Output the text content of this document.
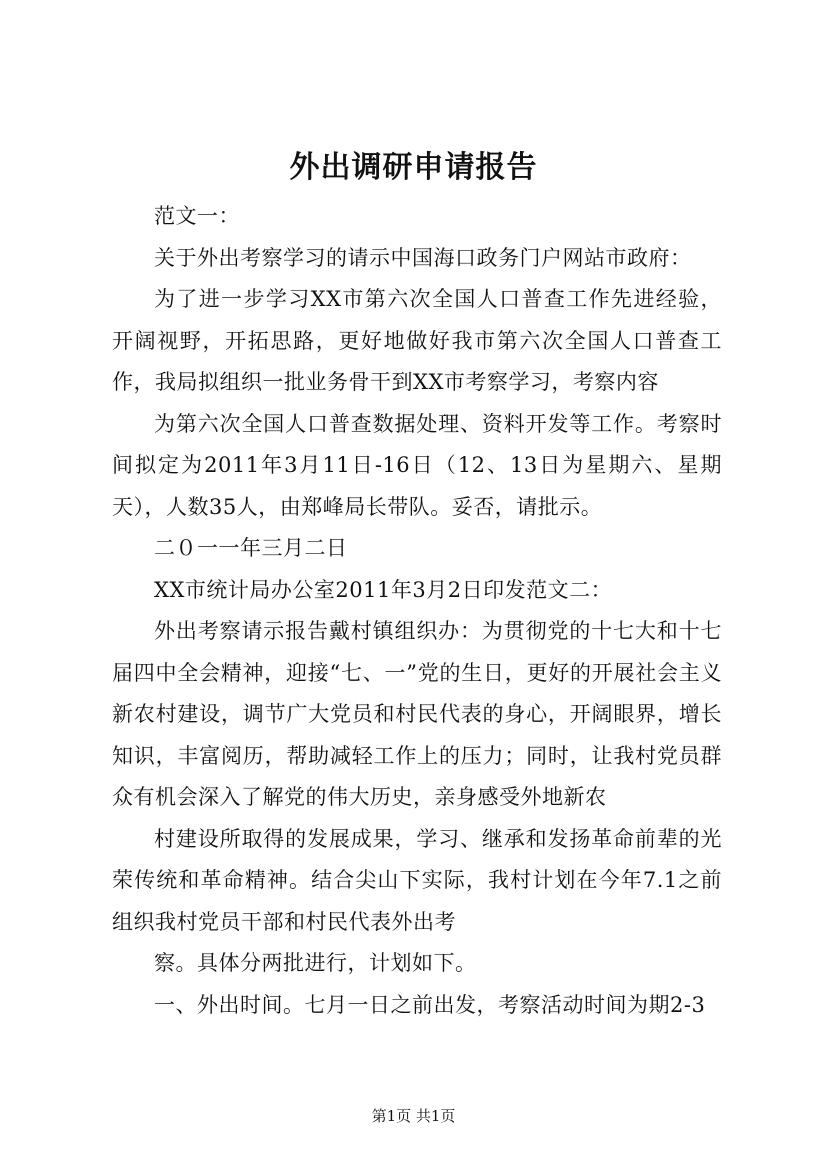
外出调研申请报告

范文一：

关于外出考察学习的请示中国海口政务门户网站市政府：

为了进一步学习XX市第六次全国人口普查工作先进经验，开阔视野，开拓思路，更好地做好我市第六次全国人口普查工作，我局拟组织一批业务骨干到XX市考察学习，考察内容

为第六次全国人口普查数据处理、资料开发等工作。考察时间拟定为2011年3月11日-16日（12、13日为星期六、星期天），人数35人，由郑峰局长带队。妥否，请批示。

二０一一年三月二日

XX市统计局办公室2011年3月2日印发范文二：

外出考察请示报告戴村镇组织办：为贯彻党的十七大和十七届四中全会精神，迎接“七、一”党的生日，更好的开展社会主义新农村建设，调节广大党员和村民代表的身心，开阔眼界，增长知识，丰富阅历，帮助减轻工作上的压力；同时，让我村党员群众有机会深入了解党的伟大历史，亲身感受外地新农

村建设所取得的发展成果，学习、继承和发扬革命前辈的光荣传统和革命精神。结合尖山下实际，我村计划在今年7.1之前组织我村党员干部和村民代表外出考

察。具体分两批进行，计划如下。

一、外出时间。七月一日之前出发，考察活动时间为期2-3

第1页 共1页
